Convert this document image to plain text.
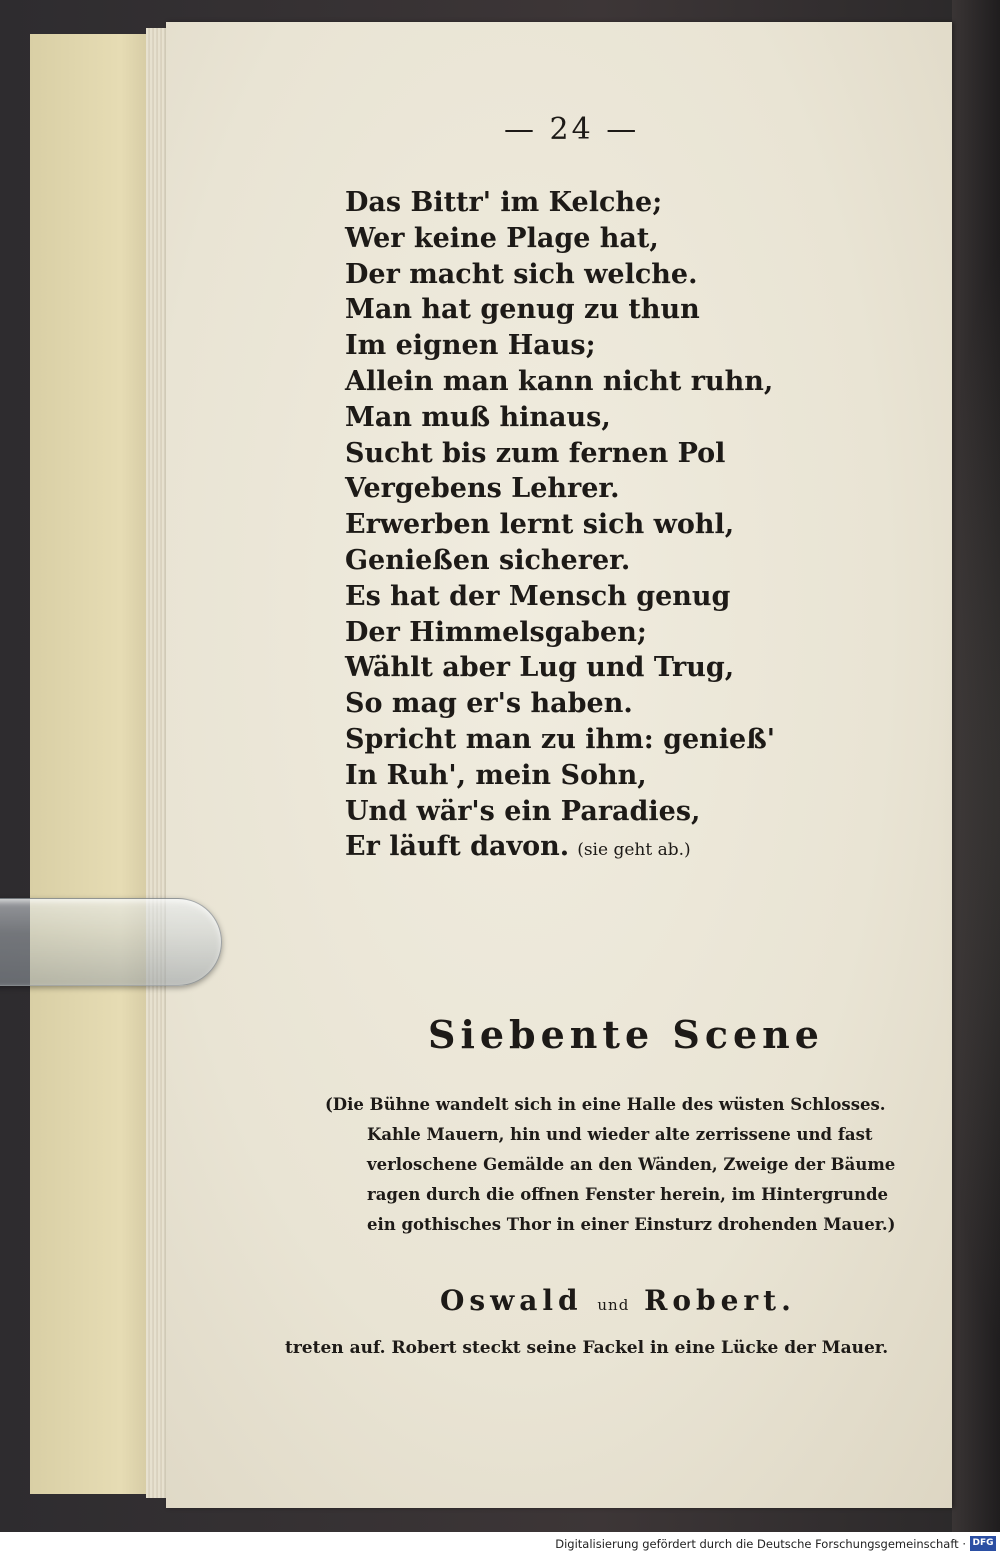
— 24 —
Das Bittr' im Kelche;
Wer keine Plage hat,
Der macht sich welche.
Man hat genug zu thun
Im eignen Haus;
Allein man kann nicht ruhn,
Man muß hinaus,
Sucht bis zum fernen Pol
Vergebens Lehrer.
Erwerben lernt sich wohl,
Genießen sicherer.
Es hat der Mensch genug
Der Himmelsgaben;
Wählt aber Lug und Trug,
So mag er's haben.
Spricht man zu ihm: genieß'
In Ruh', mein Sohn,
Und wär's ein Paradies,
Er läuft davon. (sie geht ab.)
Siebente Scene
(Die Bühne wandelt sich in eine Halle des wüsten Schlosses.
Kahle Mauern, hin und wieder alte zerrissene und fast
verloschene Gemälde an den Wänden, Zweige der Bäume
ragen durch die offnen Fenster herein, im Hintergrunde
ein gothisches Thor in einer Einsturz drohenden Mauer.)
Oswald und Robert.
treten auf. Robert steckt seine Fackel in eine Lücke der Mauer.
Digitalisierung gefördert durch die Deutsche Forschungsgemeinschaft · DFG
